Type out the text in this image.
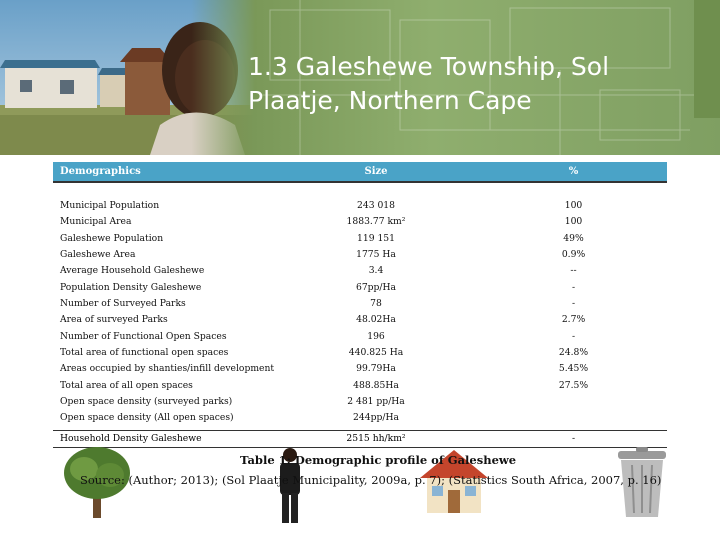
1.3 Galeshewe Township, Sol Plaatje, Northern Cape
Demographics	Size	%
Municipal Population	243 018	100
Municipal Area	1883.77 km²	100
Galeshewe Population	119 151	49%
Galeshewe Area	1775 Ha	0.9%
Average Household Galeshewe	3.4	--
Population Density Galeshewe	67pp/Ha	-
Number of Surveyed Parks	78	-
Area of surveyed Parks	48.02Ha	2.7%
Number of Functional Open Spaces	196	-
Total area of functional open spaces	440.825 Ha	24.8%
Areas occupied by shanties/infill development	99.79Ha	5.45%
Total area of all open spaces	488.85Ha	27.5%
Open space density (surveyed parks)	2 481 pp/Ha
Open space density (All open spaces)	244pp/Ha
Household Density Galeshewe	2515 hh/km²	-
Table 1: Demographic profile of Galeshewe
Source: (Author; 2013); (Sol Plaatje Municipality, 2009a, p. 7); (Statistics South Africa, 2007, p. 16)
